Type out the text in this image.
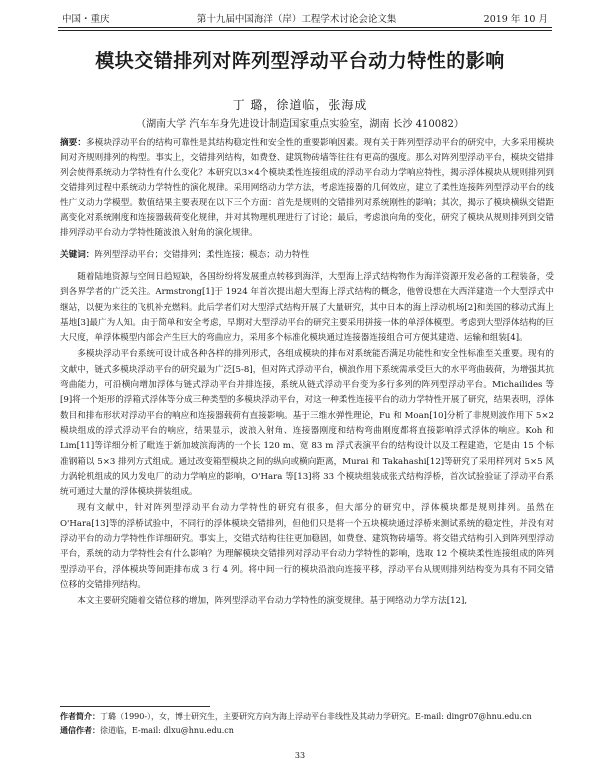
中国・重庆	第十九届中国海洋（岸）工程学术讨论会论文集	2019 年 10 月
模块交错排列对阵列型浮动平台动力特性的影响
丁 璐，徐道临，张海成
（湖南大学 汽车车身先进设计制造国家重点实验室，湖南 长沙 410082）
摘要：多模块浮动平台的结构可靠性是其结构稳定性和安全性的重要影响因素。现有关于阵列型浮动平台的研究中，大多采用模块间对齐规则排列的构型。事实上，交错排列结构，如费登、建筑物砖墙等往往有更高的强度。那么对阵列型浮动平台，模块交错排列会使得系统动力学特性有什么变化？本研究以3×4个模块柔性连接组成的浮动平台动力学响应特性，揭示浮体模块从规则排列到交错排列过程中系统动力学特性的演化规律。采用网络动力学方法，考虑连接器的几何效应，建立了柔性连接阵列型浮动平台的线性广义动力学模型。数值结果主要表现在以下三个方面：首先是规则的交错排列对系统刚性的影响；其次，揭示了模块横纵交错距离变化对系统刚度和连接器载荷变化规律，并对其物理机理进行了讨论；最后，考虑浪向角的变化，研究了模块从规则排列到交错排列浮动平台动力学特性随波浪入射角的演化规律。
关键词：阵列型浮动平台；交错排列；柔性连接；模态；动力特性

随着陆地资源与空间日趋短缺，各国纷纷将发展重点转移到海洋，大型海上浮式结构物作为海洋资源开发必备的工程装备，受到各界学者的广泛关注。Armstrong[1]于 1924 年首次提出超大型海上浮式结构的概念，他曾设想在大西洋建造一个大型浮式中继站，以便为来往的飞机补充燃料。此后学者们对大型浮式结构开展了大量研究，其中日本的海上浮动机场[2]和美国的移动式海上基地[3]最广为人知。由于简单和安全考虑，早期对大型浮动平台的研究主要采用拼接一体的单浮体模型。考虑到大型浮体结构的巨大尺度，单浮体模型内部会产生巨大的弯曲应力，采用多个标准化模块通过连接器连接组合可方便其建造、运输和组装[4]。

多模块浮动平台系统可设计成各种各样的排列形式，各组成模块的排布对系统能否满足功能性和安全性标准至关重要。现有的文献中，链式多模块浮动平台的研究最为广泛[5-8]，但对阵式浮动平台，横浪作用下系统需承受巨大的水平弯曲载荷，为增强其抗弯曲能力，可沿横向增加浮体与链式浮动平台并排连接，系统从链式浮动平台变为多行多列的阵列型浮动平台。Michailides 等[9]将一个矩形的浮箱式浮体等分成三种类型的多模块浮动平台，对这一种柔性连接平台的动力学特性开展了研究，结果表明，浮体数目和排布形状对浮动平台的响应和连接器载荷有直接影响。基于三维水弹性理论，Fu 和 Moan[10]分析了非规则波作用下 5×2 模块组成的浮式浮动平台的响应，结果显示，波浪入射角、连接器刚度和结构弯曲刚度都将直接影响浮式浮体的响应。Koh 和 Lim[11]等详细分析了毗连于新加坡滨海湾的一个长 120 m、宽 83 m 浮式表演平台的结构设计以及工程建造，它是由 15 个标准钢箱以 5×3 排列方式组成。通过改变箱型模块之间的纵向或横向距离，Murai 和 Takahashi[12]等研究了采用样列对 5×5 风力涡轮机组成的风力发电厂的动力学响应的影响，O'Hara 等[13]将 33 个模块组装成张式结构浮桥，首次试验验证了浮动平台系统可通过大量的浮体模块拼装组成。

现有文献中，针对阵列型浮动平台动力学特性的研究有很多，但大部分的研究中，浮体模块都是规则排列。虽然在 O'Hara[13]等的浮桥试验中，不同行的浮体模块交错排列，但他们只是将一个五块模块通过浮桥来测试系统的稳定性，并没有对浮动平台的动力学特性作详细研究。事实上，交错式结构往往更加稳固，如费登、建筑物砖墙等。将交错式结构引入到阵列型浮动平台，系统的动力学特性会有什么影响？为理解模块交错排列对浮动平台动力学特性的影响，选取 12 个模块柔性连接组成的阵列型浮动平台，浮体模块等间距排布成 3 行 4 列。将中间一行的模块沿浪向连接平移，浮动平台从规则排列结构变为具有不同交错位移的交错排列结构。

本文主要研究随着交错位移的增加，阵列型浮动平台动力学特性的演变规律。基于网络动力学方法[12],

作者简介：丁璐（1990-），女，博士研究生，主要研究方向为海上浮动平台非线性及其动力学研究。E-mail: dingr07@hnu.edu.cn
通信作者：徐道临，E-mail: dlxu@hnu.edu.cn
33
